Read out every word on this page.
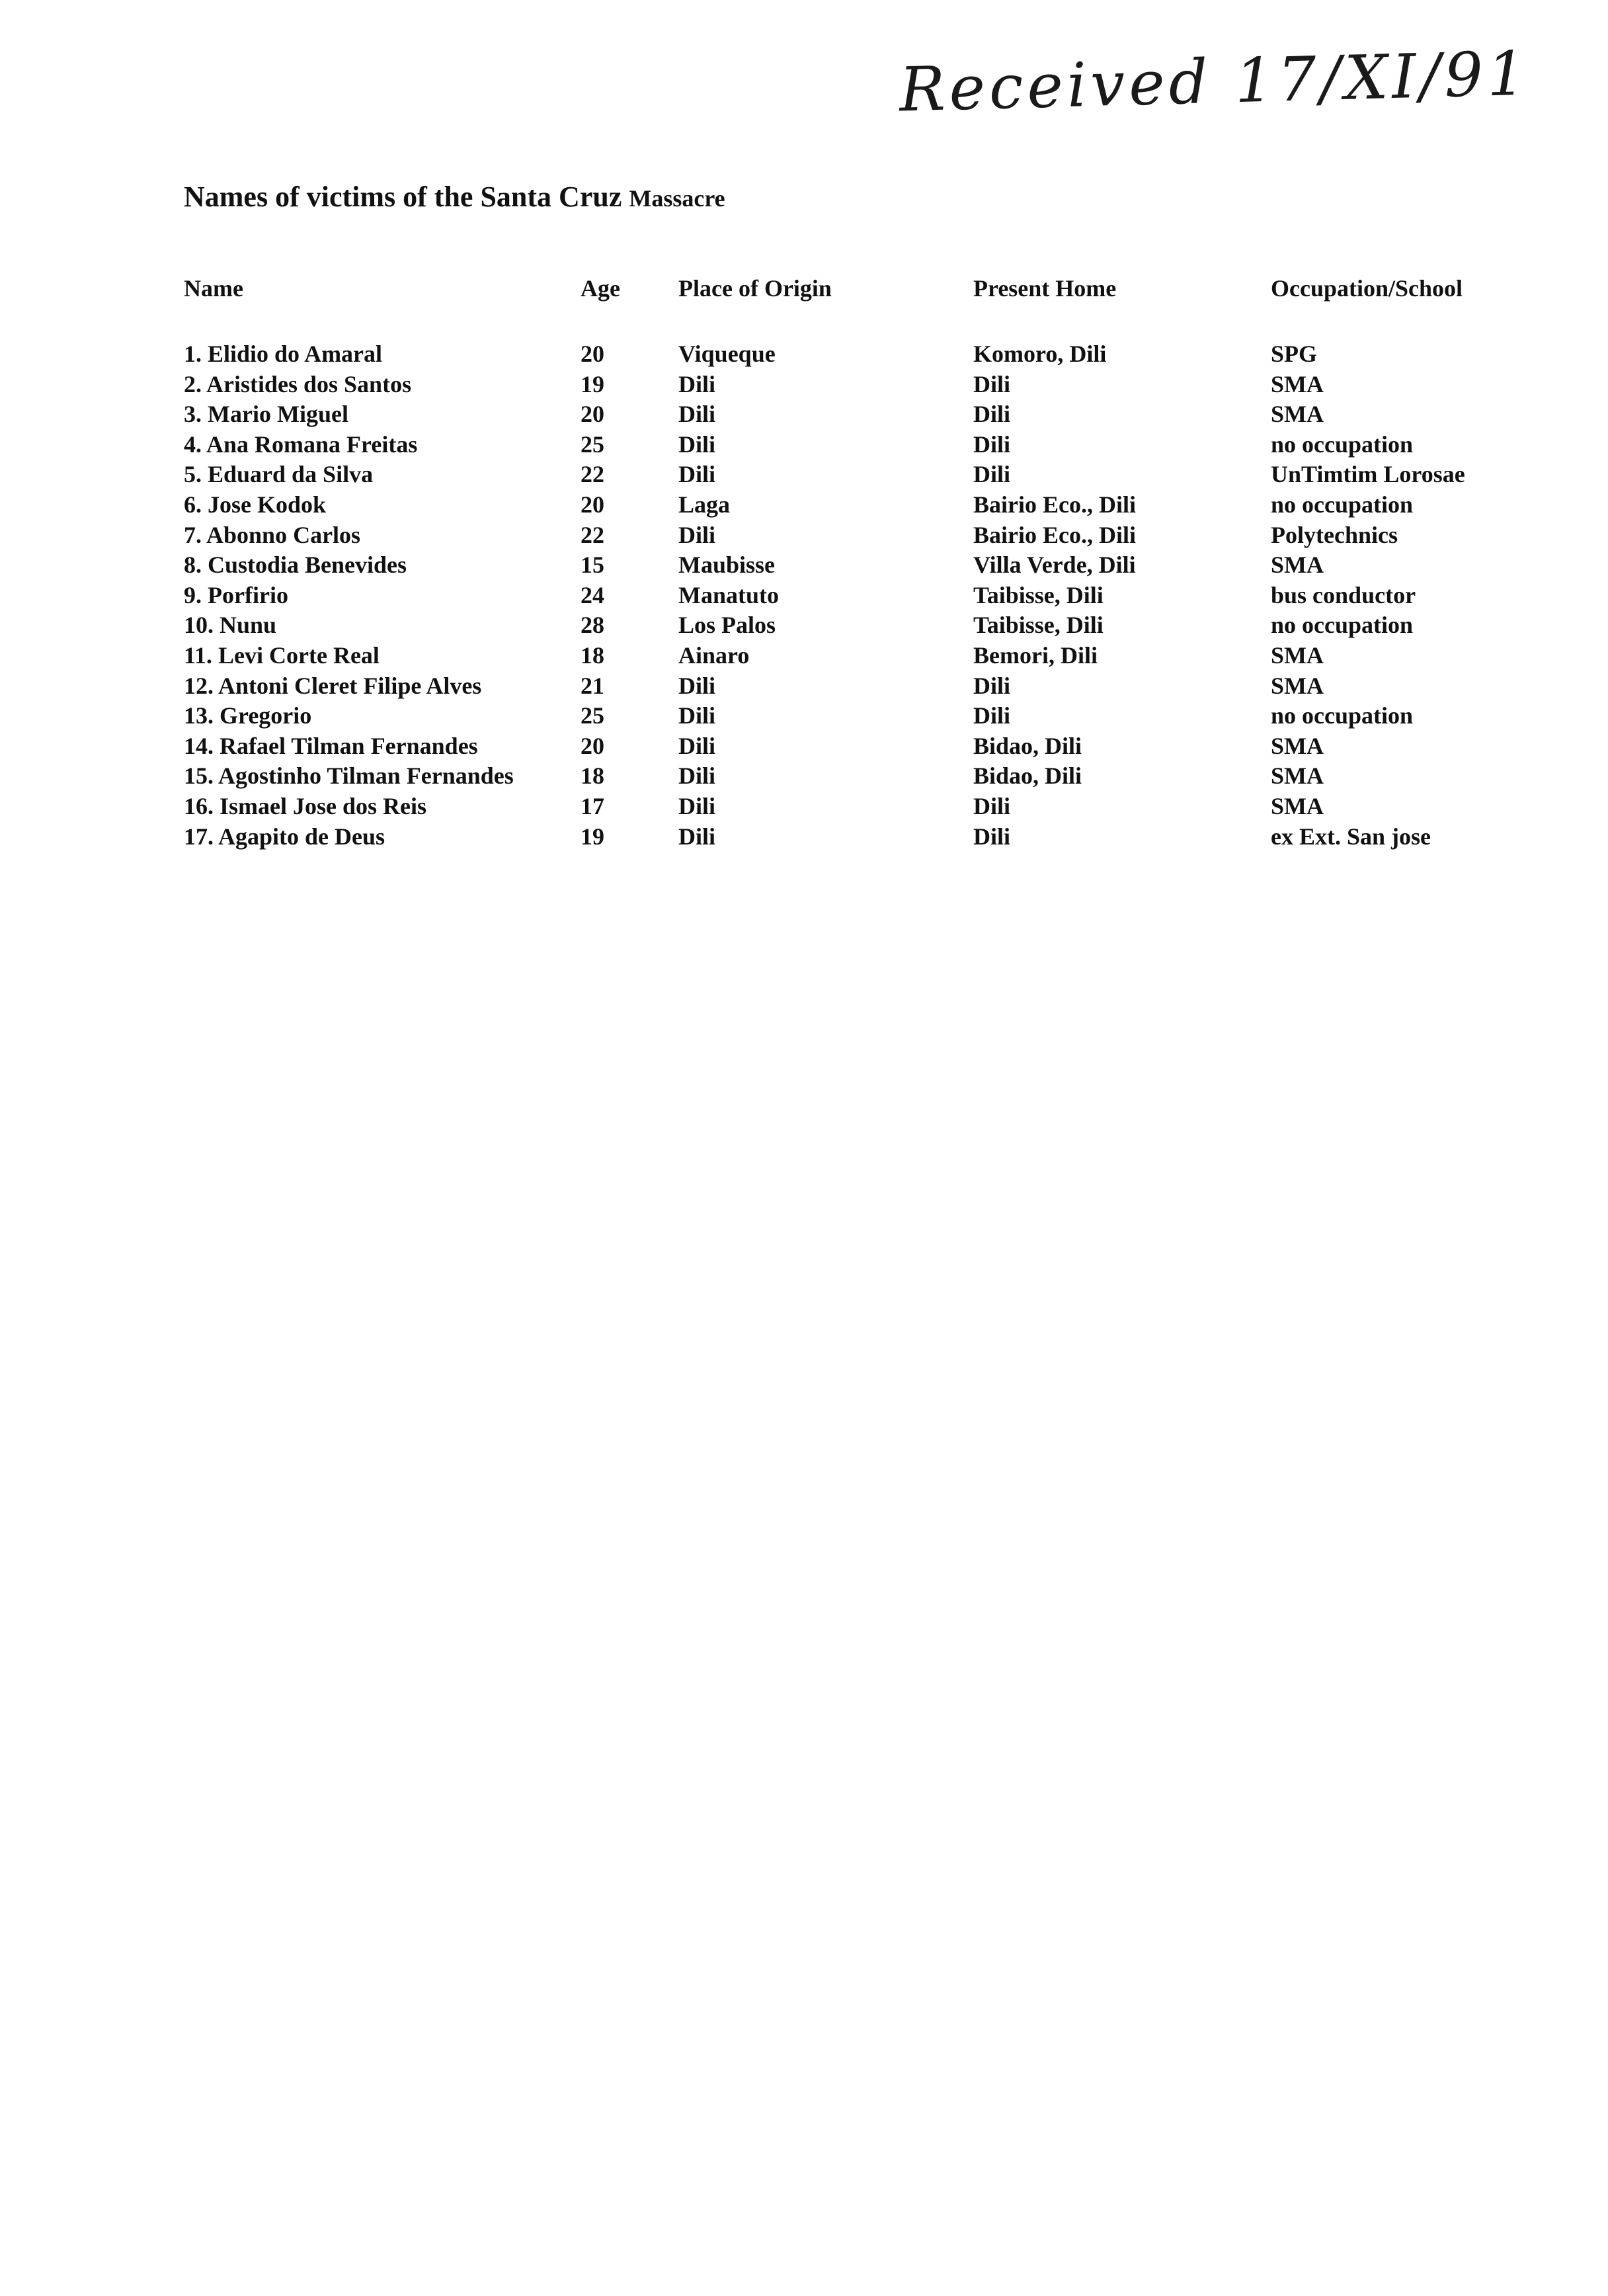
Received 17/XI/91
Names of victims of the Santa Cruz Massacre
Name	Age	Place of Origin	Present Home	Occupation/School
1. Elidio do Amaral	20	Viqueque	Komoro, Dili	SPG
2. Aristides dos Santos	19	Dili	Dili	SMA
3. Mario Miguel	20	Dili	Dili	SMA
4. Ana Romana Freitas	25	Dili	Dili	no occupation
5. Eduard da Silva	22	Dili	Dili	UnTimtim Lorosae
6. Jose Kodok	20	Laga	Bairio Eco., Dili	no occupation
7. Abonno Carlos	22	Dili	Bairio Eco., Dili	Polytechnics
8. Custodia Benevides	15	Maubisse	Villa Verde, Dili	SMA
9. Porfirio	24	Manatuto	Taibisse, Dili	bus conductor
10. Nunu	28	Los Palos	Taibisse, Dili	no occupation
11. Levi Corte Real	18	Ainaro	Bemori, Dili	SMA
12. Antoni Cleret Filipe Alves	21	Dili	Dili	SMA
13. Gregorio	25	Dili	Dili	no occupation
14. Rafael Tilman Fernandes	20	Dili	Bidao, Dili	SMA
15. Agostinho Tilman Fernandes	18	Dili	Bidao, Dili	SMA
16. Ismael Jose dos Reis	17	Dili	Dili	SMA
17. Agapito de Deus	19	Dili	Dili	ex Ext. San jose
